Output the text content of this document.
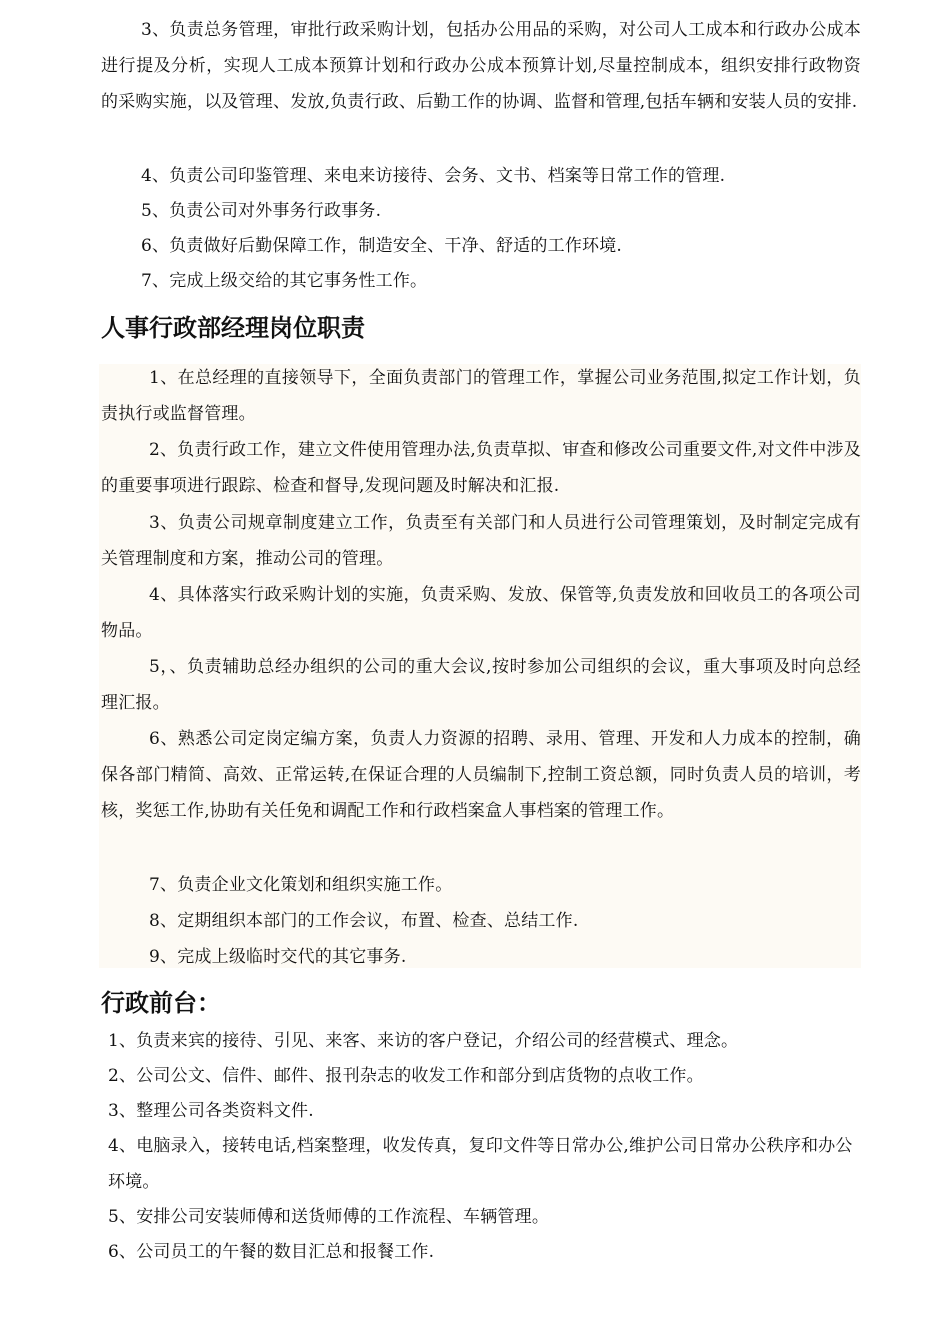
3、负责总务管理，审批行政采购计划，包括办公用品的采购，对公司人工成本和行政办公成本进行提及分析，实现人工成本预算计划和行政办公成本预算计划,尽量控制成本，组织安排行政物资的采购实施，以及管理、发放,负责行政、后勤工作的协调、监督和管理,包括车辆和安装人员的安排.

4、负责公司印鉴管理、来电来访接待、会务、文书、档案等日常工作的管理.

5、负责公司对外事务行政事务.

6、负责做好后勤保障工作，制造安全、干净、舒适的工作环境.

7、完成上级交给的其它事务性工作。

人事行政部经理岗位职责

1、在总经理的直接领导下，全面负责部门的管理工作，掌握公司业务范围,拟定工作计划，负责执行或监督管理。

2、负责行政工作，建立文件使用管理办法,负责草拟、审查和修改公司重要文件,对文件中涉及的重要事项进行跟踪、检查和督导,发现问题及时解决和汇报.

3、负责公司规章制度建立工作，负责至有关部门和人员进行公司管理策划，及时制定完成有关管理制度和方案，推动公司的管理。

4、具体落实行政采购计划的实施，负责采购、发放、保管等,负责发放和回收员工的各项公司物品。

5，、负责辅助总经办组织的公司的重大会议,按时参加公司组织的会议，重大事项及时向总经理汇报。

6、熟悉公司定岗定编方案，负责人力资源的招聘、录用、管理、开发和人力成本的控制，确保各部门精简、高效、正常运转,在保证合理的人员编制下,控制工资总额，同时负责人员的培训，考核，奖惩工作,协助有关任免和调配工作和行政档案盒人事档案的管理工作。

7、负责企业文化策划和组织实施工作。

8、定期组织本部门的工作会议，布置、检查、总结工作.

9、完成上级临时交代的其它事务.

行政前台：

1、负责来宾的接待、引见、来客、来访的客户登记，介绍公司的经营模式、理念。

2、公司公文、信件、邮件、报刊杂志的收发工作和部分到店货物的点收工作。

3、整理公司各类资料文件.

4、电脑录入，接转电话,档案整理，收发传真，复印文件等日常办公,维护公司日常办公秩序和办公环境。

5、安排公司安装师傅和送货师傅的工作流程、车辆管理。

6、公司员工的午餐的数目汇总和报餐工作.
